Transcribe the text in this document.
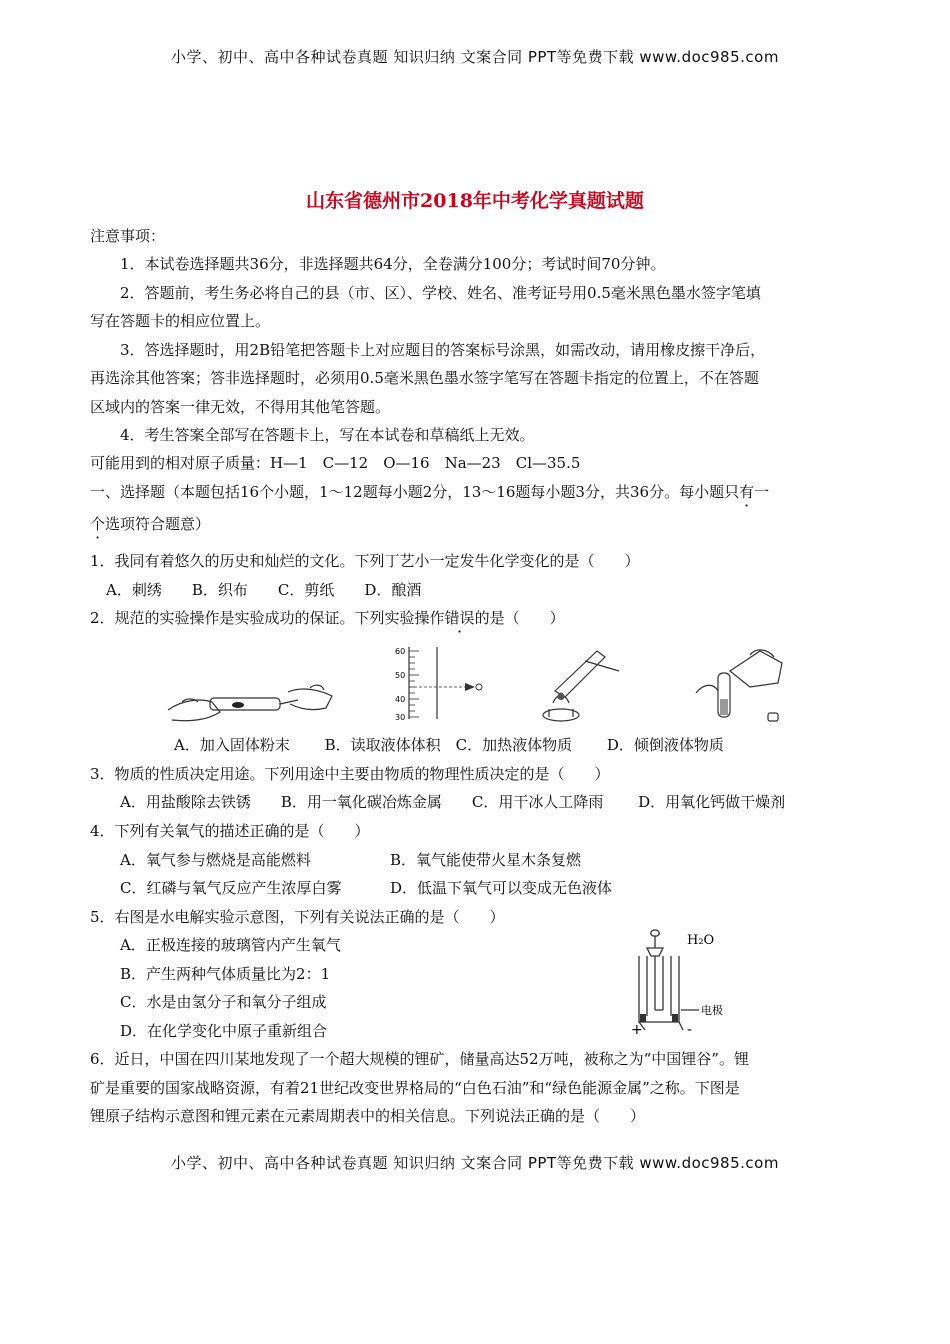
小学、初中、高中各种试卷真题 知识归纳 文案合同 PPT等免费下载 www.doc985.com
山东省德州市2018年中考化学真题试题
注意事项：
1．本试卷选择题共36分，非选择题共64分，全卷满分100分；考试时间70分钟。
2．答题前，考生务必将自己的县（市、区）、学校、姓名、准考证号用0.5毫米黑色墨水签字笔填
写在答题卡的相应位置上。
3．答选择题时，用2B铅笔把答题卡上对应题目的答案标号涂黑，如需改动，请用橡皮擦干净后，
再选涂其他答案；答非选择题时，必须用0.5毫米黑色墨水签字笔写在答题卡指定的位置上，不在答题
区域内的答案一律无效，不得用其他笔答题。
4．考生答案全部写在答题卡上，写在本试卷和草稿纸上无效。
可能用到的相对原子质量：H—1　C—12　O—16　Na—23　Cl—35.5
一、选择题（本题包括16个小题，1～12题每小题2分，13～16题每小题3分，共36分。每小题只有一
个选项符合题意）
1．我同有着悠久的历史和灿烂的文化。下列丁艺小一定发牛化学变化的是（　　）
A．刺绣　　B．织布　　C．剪纸　　D．酿酒
2．规范的实验操作是实验成功的保证。下列实验操作错误的是（　　）
60
50
40
30
A．加入固体粉末　　 B．读取液体体积　C．加热液体物质　　 D．倾倒液体物质
3．物质的性质决定用途。下列用途中主要由物质的物理性质决定的是（　　）
A．用盐酸除去铁锈　　B．用一氧化碳冶炼金属　　C．用干冰人工降雨　　 D．用氧化钙做干燥剂
4．下列有关氧气的描述正确的是（　　）
A．氧气参与燃烧是高能燃料	B．氧气能使带火星木条复燃
C．红磷与氧气反应产生浓厚白雾	D．低温下氧气可以变成无色液体
5．右图是水电解实验示意图，下列有关说法正确的是（　　）
A．正极连接的玻璃管内产生氧气
B．产生两种气体质量比为2：1
C．水是由氢分子和氧分子组成
D．在化学变化中原子重新组合
H₂O
电极
+	-
6．近日，中国在四川某地发现了一个超大规模的锂矿，储量高达52万吨，被称之为“中国锂谷”。锂
矿是重要的国家战略资源，有着21世纪改变世界格局的“白色石油”和“绿色能源金属”之称。下图是
锂原子结构示意图和锂元素在元素周期表中的相关信息。下列说法正确的是（　　）
小学、初中、高中各种试卷真题 知识归纳 文案合同 PPT等免费下载 www.doc985.com
